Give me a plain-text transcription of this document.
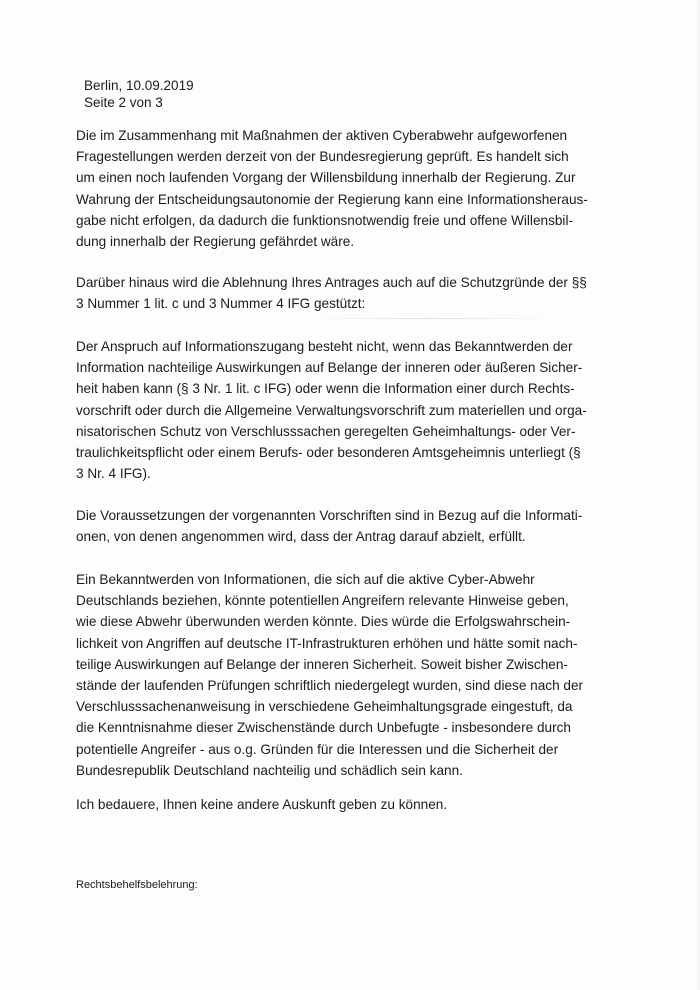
Berlin, 10.09.2019
Seite 2 von 3

Die im Zusammenhang mit Maßnahmen der aktiven Cyberabwehr aufgeworfenen
Fragestellungen werden derzeit von der Bundesregierung geprüft. Es handelt sich
um einen noch laufenden Vorgang der Willensbildung innerhalb der Regierung. Zur
Wahrung der Entscheidungsautonomie der Regierung kann eine Informationsheraus-
gabe nicht erfolgen, da dadurch die funktionsnotwendig freie und offene Willensbil-
dung innerhalb der Regierung gefährdet wäre.

Darüber hinaus wird die Ablehnung Ihres Antrages auch auf die Schutzgründe der §§
3 Nummer 1 lit. c und 3 Nummer 4 IFG gestützt:

Der Anspruch auf Informationszugang besteht nicht, wenn das Bekanntwerden der
Information nachteilige Auswirkungen auf Belange der inneren oder äußeren Sicher-
heit haben kann (§ 3 Nr. 1 lit. c IFG) oder wenn die Information einer durch Rechts-
vorschrift oder durch die Allgemeine Verwaltungsvorschrift zum materiellen und orga-
nisatorischen Schutz von Verschlusssachen geregelten Geheimhaltungs- oder Ver-
traulichkeitspflicht oder einem Berufs- oder besonderen Amtsgeheimnis unterliegt (§
3 Nr. 4 IFG).

Die Voraussetzungen der vorgenannten Vorschriften sind in Bezug auf die Informati-
onen, von denen angenommen wird, dass der Antrag darauf abzielt, erfüllt.

Ein Bekanntwerden von Informationen, die sich auf die aktive Cyber-Abwehr
Deutschlands beziehen, könnte potentiellen Angreifern relevante Hinweise geben,
wie diese Abwehr überwunden werden könnte. Dies würde die Erfolgswahrschein-
lichkeit von Angriffen auf deutsche IT-Infrastrukturen erhöhen und hätte somit nach-
teilige Auswirkungen auf Belange der inneren Sicherheit. Soweit bisher Zwischen-
stände der laufenden Prüfungen schriftlich niedergelegt wurden, sind diese nach der
Verschlusssachenanweisung in verschiedene Geheimhaltungsgrade eingestuft, da
die Kenntnisnahme dieser Zwischenstände durch Unbefugte - insbesondere durch
potentielle Angreifer - aus o.g. Gründen für die Interessen und die Sicherheit der
Bundesrepublik Deutschland nachteilig und schädlich sein kann.

Ich bedauere, Ihnen keine andere Auskunft geben zu können.

Rechtsbehelfsbelehrung:
